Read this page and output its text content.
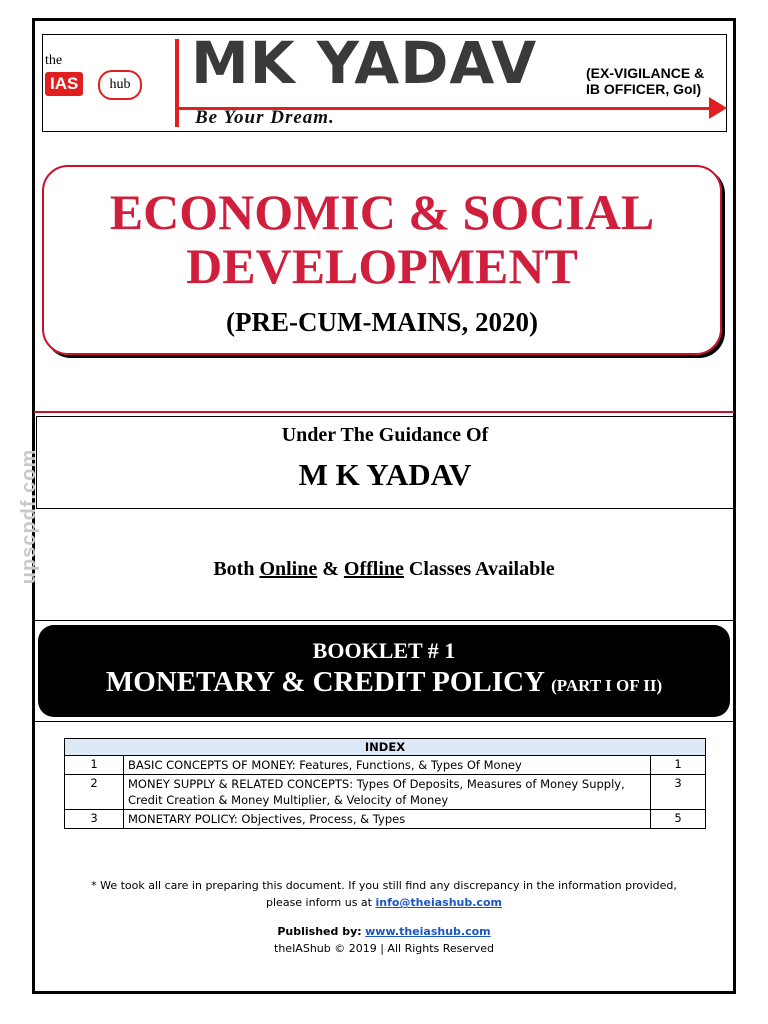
upscpdf.com
the
IAS	hub MK YADAV	(EX-VIGILANCE &
IB OFFICER, GoI)
Be Your Dream.
ECONOMIC & SOCIAL
DEVELOPMENT
(PRE-CUM-MAINS, 2020)
Under The Guidance Of
M K YADAV
Both Online & Offline Classes Available
BOOKLET # 1
MONETARY & CREDIT POLICY (PART I OF II)
INDEX		
1	BASIC CONCEPTS OF MONEY: Features, Functions, & Types Of Money	1
2	MONEY SUPPLY & RELATED CONCEPTS: Types Of Deposits, Measures of Money Supply, Credit Creation & Money Multiplier, & Velocity of Money	3
3	MONETARY POLICY: Objectives, Process, & Types	5
* We took all care in preparing this document. If you still find any discrepancy in the information provided,
please inform us at info@theiashub.com
Published by: www.theiashub.com
theIAShub © 2019 | All Rights Reserved
